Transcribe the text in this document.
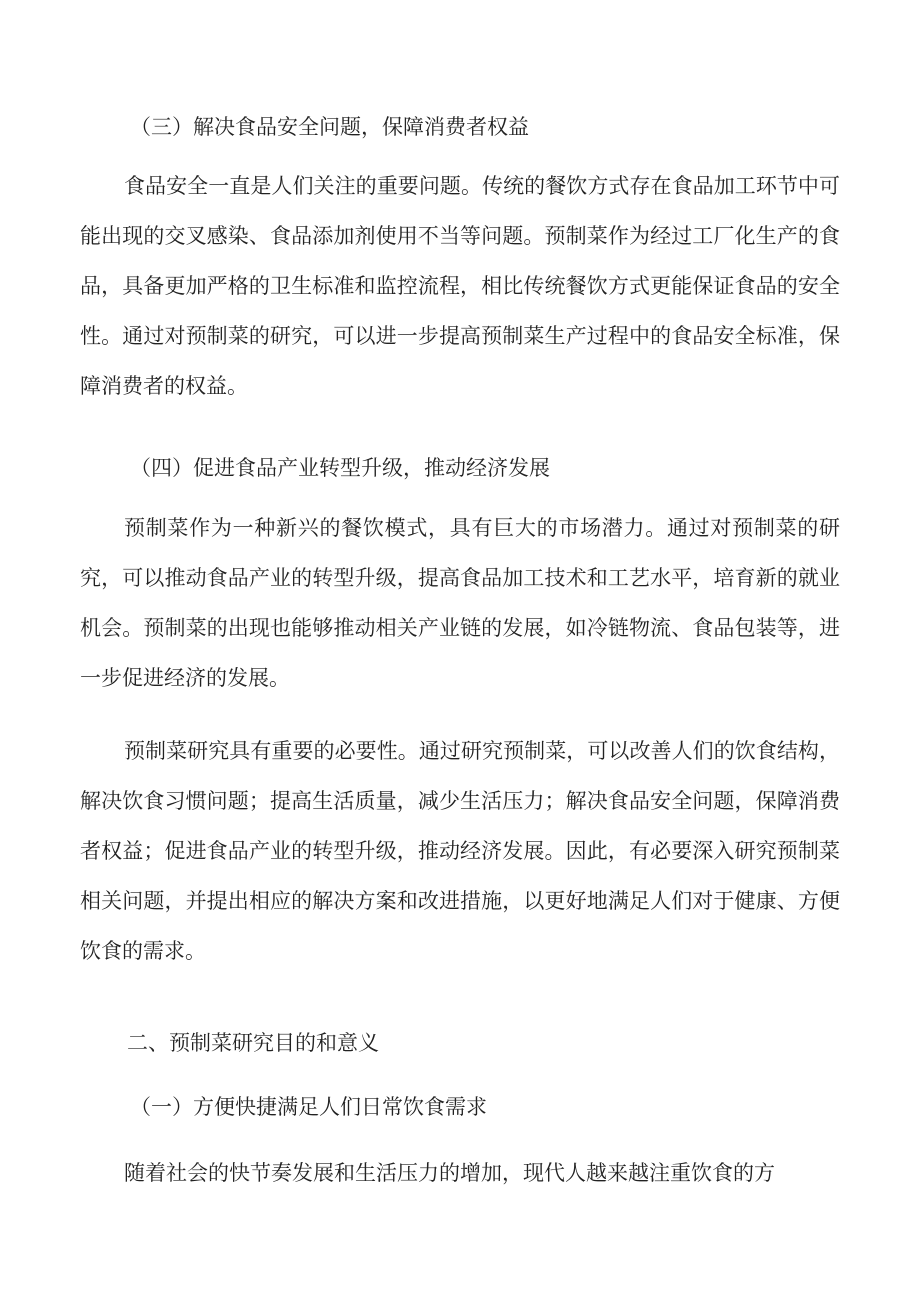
（三）解决食品安全问题，保障消费者权益

食品安全一直是人们关注的重要问题。传统的餐饮方式存在食品加工环节中可能出现的交叉感染、食品添加剂使用不当等问题。预制菜作为经过工厂化生产的食品，具备更加严格的卫生标准和监控流程，相比传统餐饮方式更能保证食品的安全性。通过对预制菜的研究，可以进一步提高预制菜生产过程中的食品安全标准，保障消费者的权益。

（四）促进食品产业转型升级，推动经济发展

预制菜作为一种新兴的餐饮模式，具有巨大的市场潜力。通过对预制菜的研究，可以推动食品产业的转型升级，提高食品加工技术和工艺水平，培育新的就业机会。预制菜的出现也能够推动相关产业链的发展，如冷链物流、食品包装等，进一步促进经济的发展。

预制菜研究具有重要的必要性。通过研究预制菜，可以改善人们的饮食结构，解决饮食习惯问题；提高生活质量，减少生活压力；解决食品安全问题，保障消费者权益；促进食品产业的转型升级，推动经济发展。因此，有必要深入研究预制菜相关问题，并提出相应的解决方案和改进措施，以更好地满足人们对于健康、方便饮食的需求。

二、预制菜研究目的和意义
（一）方便快捷满足人们日常饮食需求

随着社会的快节奏发展和生活压力的增加，现代人越来越注重饮食的方
